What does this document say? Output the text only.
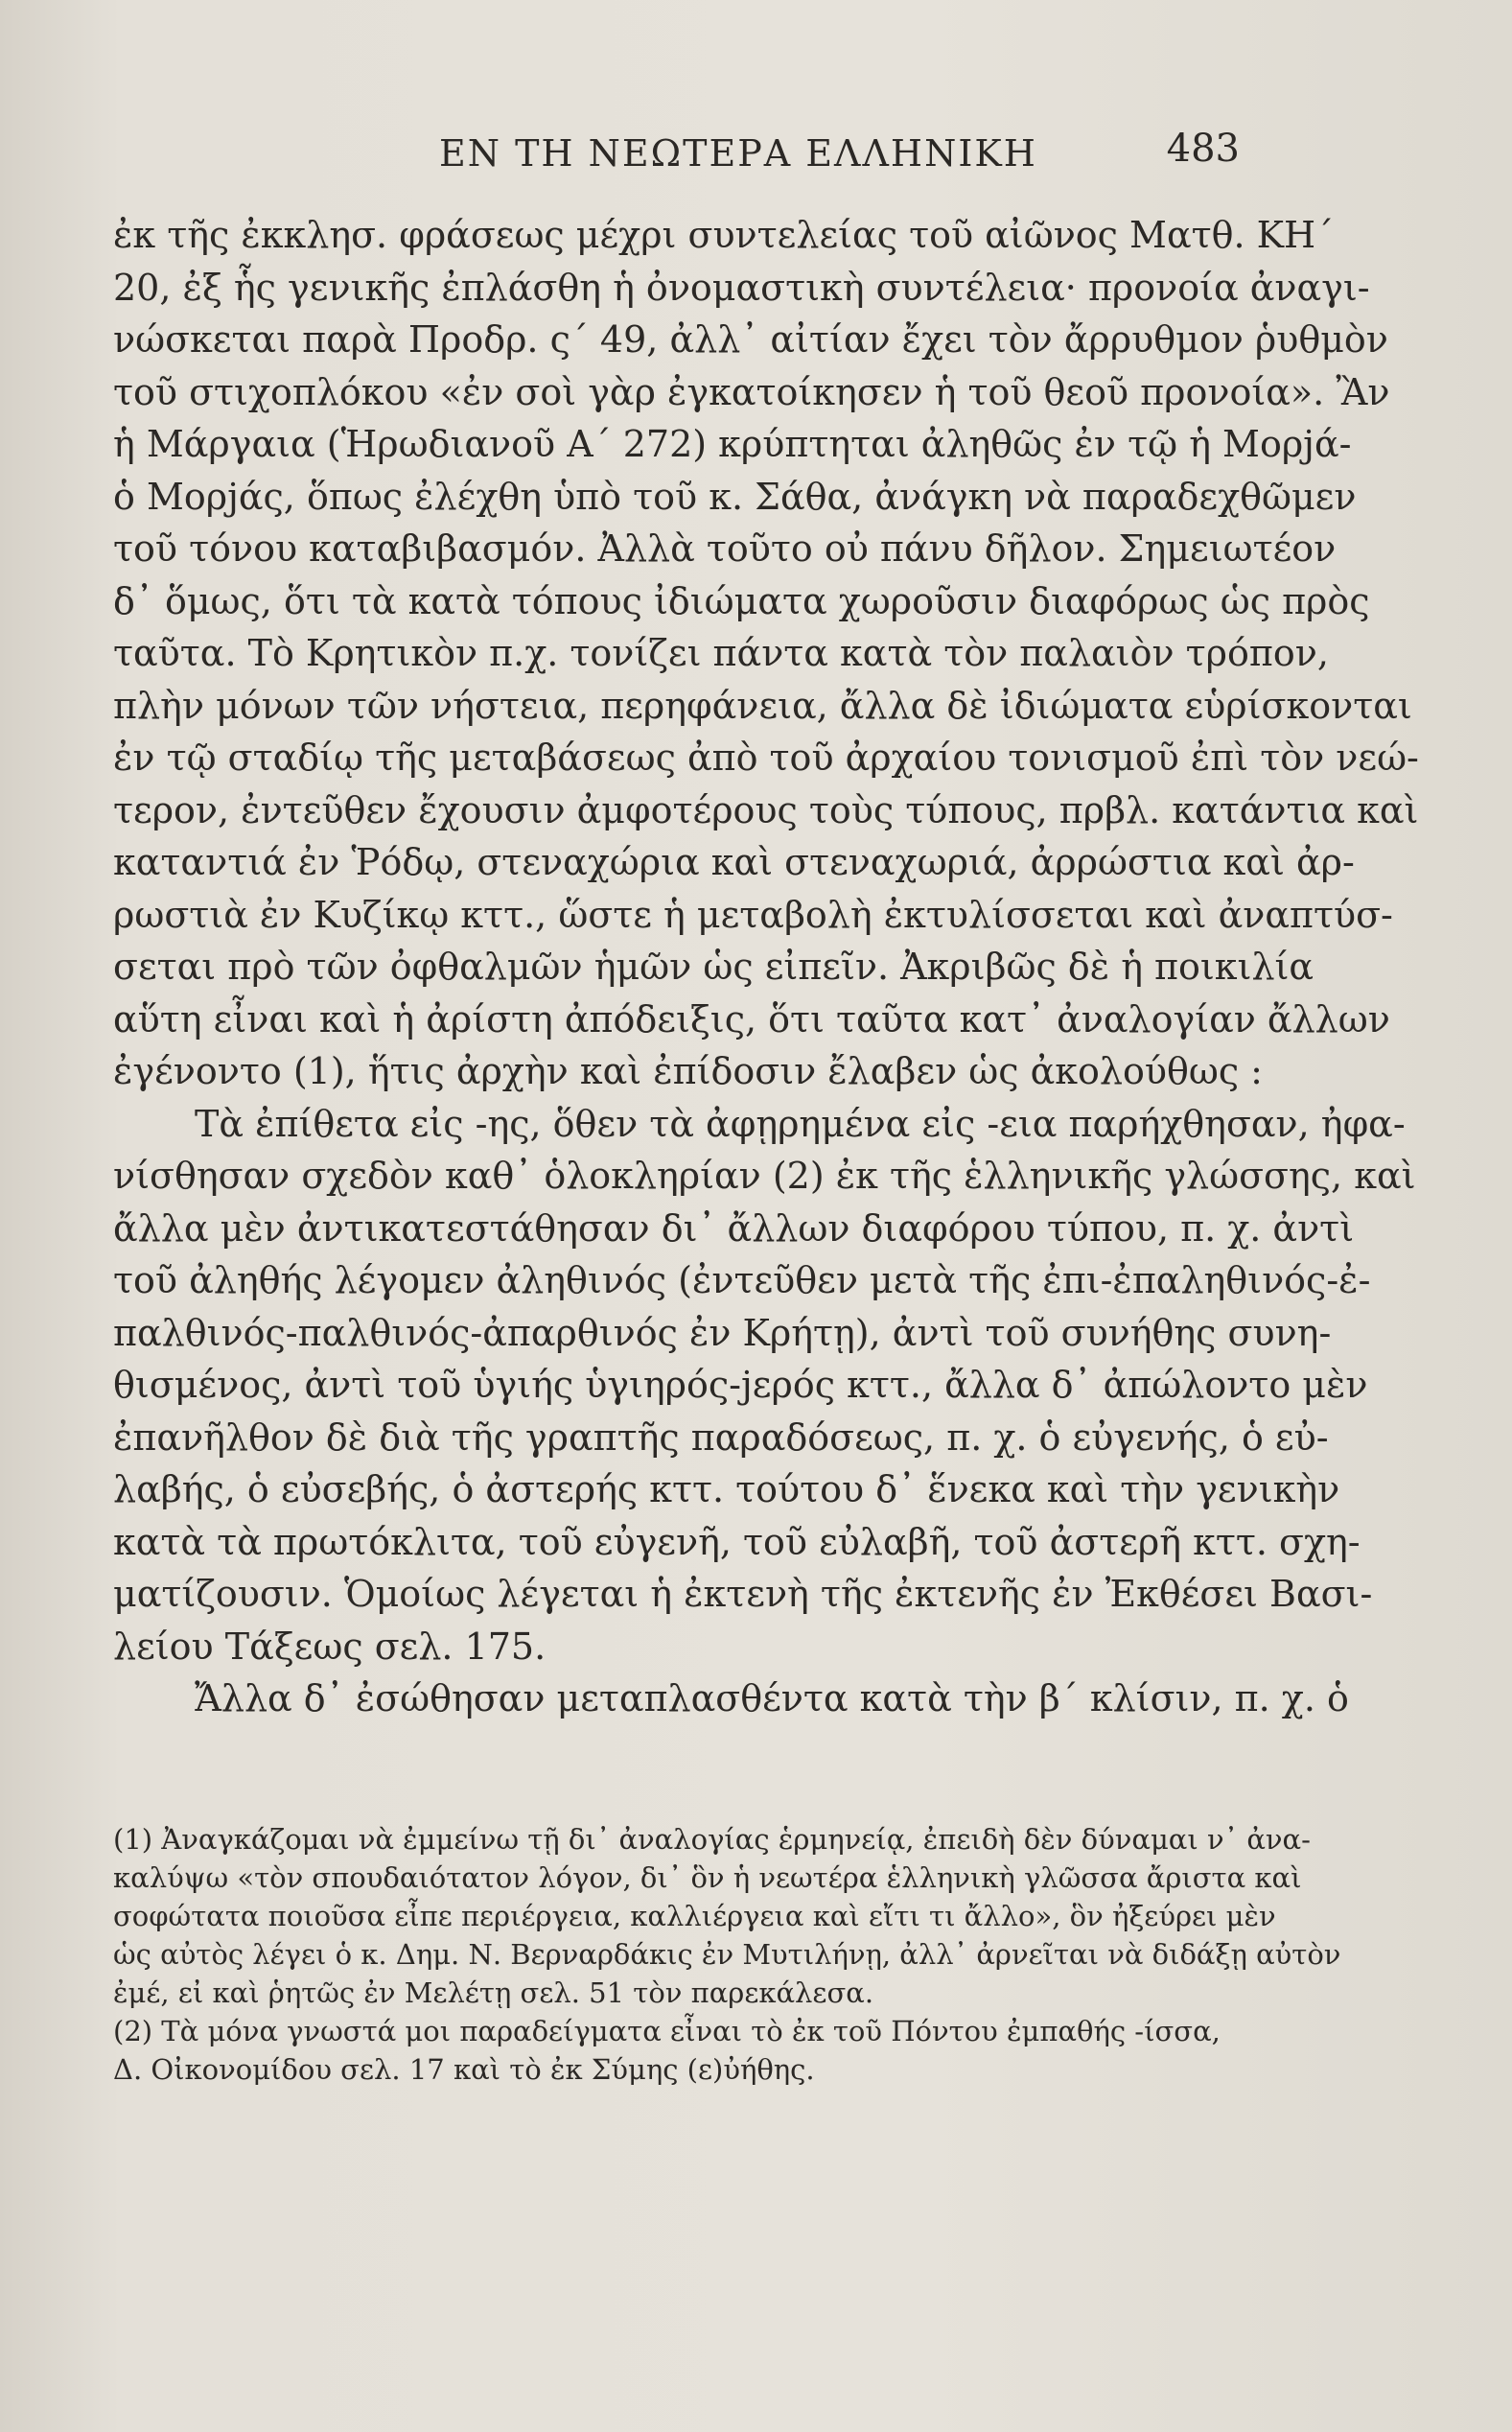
ΕΝ ΤΗ ΝΕΩΤΕΡΑ ΕΛΛΗΝΙΚΗ	483
ἐκ τῆς ἐκκλησ. φράσεως μέχρι συντελείας τοῦ αἰῶνος Ματθ. ΚΗ΄
20, ἐξ ἧς γενικῆς ἐπλάσθη ἡ ὀνομαστικὴ συντέλεια· προνοία ἀναγι-
νώσκεται παρὰ Προδρ. ς΄ 49, ἀλλ᾽ αἰτίαν ἔχει τὸν ἄρρυθμον ῥυθμὸν
τοῦ στιχοπλόκου «ἐν σοὶ γὰρ ἐγκατοίκησεν ἡ τοῦ θεοῦ προνοία». Ἂν
ἡ Μάργαια (Ἡρωδιανοῦ Α΄ 272) κρύπτηται ἀληθῶς ἐν τῷ ἡ Μορjά-
ὁ Μορjάς, ὅπως ἐλέχθη ὑπὸ τοῦ κ. Σάθα, ἀνάγκη νὰ παραδεχθῶμεν
τοῦ τόνου καταβιβασμόν. Ἀλλὰ τοῦτο οὐ πάνυ δῆλον. Σημειωτέον
δ᾽ ὅμως, ὅτι τὰ κατὰ τόπους ἰδιώματα χωροῦσιν διαφόρως ὡς πρὸς
ταῦτα. Τὸ Κρητικὸν π.χ. τονίζει πάντα κατὰ τὸν παλαιὸν τρόπον,
πλὴν μόνων τῶν νήστεια, περηφάνεια, ἄλλα δὲ ἰδιώματα εὑρίσκονται
ἐν τῷ σταδίῳ τῆς μεταβάσεως ἀπὸ τοῦ ἀρχαίου τονισμοῦ ἐπὶ τὸν νεώ-
τερον, ἐντεῦθεν ἔχουσιν ἀμφοτέρους τοὺς τύπους, πρβλ. κατάντια καὶ
καταντιά ἐν Ῥόδῳ, στεναχώρια καὶ στεναχωριά, ἀρρώστια καὶ ἀρ-
ρωστιὰ ἐν Κυζίκῳ κττ., ὥστε ἡ μεταβολὴ ἐκτυλίσσεται καὶ ἀναπτύσ-
σεται πρὸ τῶν ὀφθαλμῶν ἡμῶν ὡς εἰπεῖν. Ἀκριβῶς δὲ ἡ ποικιλία
αὕτη εἶναι καὶ ἡ ἀρίστη ἀπόδειξις, ὅτι ταῦτα κατ᾽ ἀναλογίαν ἄλλων
ἐγένοντο (1), ἥτις ἀρχὴν καὶ ἐπίδοσιν ἔλαβεν ὡς ἀκολούθως :
Τὰ ἐπίθετα εἰς -ης, ὅθεν τὰ ἀφῃρημένα εἰς -εια παρήχθησαν, ἠφα-
νίσθησαν σχεδὸν καθ᾽ ὁλοκληρίαν (2) ἐκ τῆς ἑλληνικῆς γλώσσης, καὶ
ἄλλα μὲν ἀντικατεστάθησαν δι᾽ ἄλλων διαφόρου τύπου, π. χ. ἀντὶ
τοῦ ἀληθής λέγομεν ἀληθινός (ἐντεῦθεν μετὰ τῆς ἐπι-ἐπαληθινός-ἐ-
παλθινός-παλθινός-ἀπαρθινός ἐν Κρήτῃ), ἀντὶ τοῦ συνήθης συνη-
θισμένος, ἀντὶ τοῦ ὑγιής ὑγιηρός-jερός κττ., ἄλλα δ᾽ ἀπώλοντο μὲν
ἐπανῆλθον δὲ διὰ τῆς γραπτῆς παραδόσεως, π. χ. ὁ εὐγενής, ὁ εὐ-
λαβής, ὁ εὐσεβής, ὁ ἀστερής κττ. τούτου δ᾽ ἕνεκα καὶ τὴν γενικὴν
κατὰ τὰ πρωτόκλιτα, τοῦ εὐγενῆ, τοῦ εὐλαβῆ, τοῦ ἀστερῆ κττ. σχη-
ματίζουσιν. Ὁμοίως λέγεται ἡ ἐκτενὴ τῆς ἐκτενῆς ἐν Ἐκθέσει Βασι-
λείου Τάξεως σελ. 175.
Ἄλλα δ᾽ ἐσώθησαν μεταπλασθέντα κατὰ τὴν β΄ κλίσιν, π. χ. ὁ
(1) Ἀναγκάζομαι νὰ ἐμμείνω τῇ δι᾽ ἀναλογίας ἑρμηνείᾳ, ἐπειδὴ δὲν δύναμαι ν᾽ ἀνα-
καλύψω «τὸν σπουδαιότατον λόγον, δι᾽ ὃν ἡ νεωτέρα ἑλληνικὴ γλῶσσα ἄριστα καὶ
σοφώτατα ποιοῦσα εἶπε περιέργεια, καλλιέργεια καὶ εἴτι τι ἄλλο», ὃν ἠξεύρει μὲν
ὡς αὐτὸς λέγει ὁ κ. Δημ. Ν. Βερναρδάκις ἐν Μυτιλήνῃ, ἀλλ᾽ ἀρνεῖται νὰ διδάξῃ αὐτὸν
ἐμέ, εἰ καὶ ῥητῶς ἐν Μελέτῃ σελ. 51 τὸν παρεκάλεσα.
(2) Τὰ μόνα γνωστά μοι παραδείγματα εἶναι τὸ ἐκ τοῦ Πόντου ἐμπαθής -ίσσα,
Δ. Οἰκονομίδου σελ. 17 καὶ τὸ ἐκ Σύμης (ε)ὐήθης.
